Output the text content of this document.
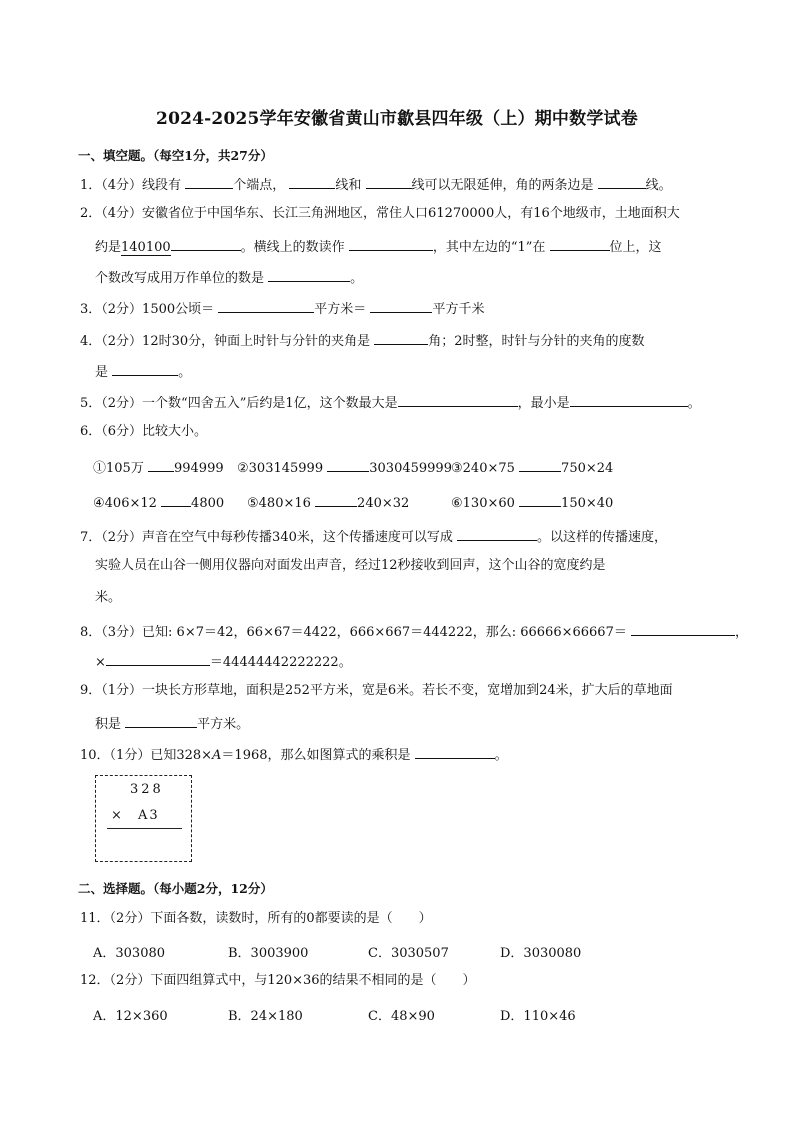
2024-2025学年安徽省黄山市歙县四年级（上）期中数学试卷
一、填空题。（每空1分，共27分）
1．（4分）线段有	个端点，	线和	线可以无限延伸，角的两条边是	线。
2．（4分）安徽省位于中国华东、长江三角洲地区，常住人口61270000人，有16个地级市，土地面积大
约是140100	。横线上的数读作	，其中左边的“1”在	位上，这
个数改写成用万作单位的数是	。
3．（2分）1500公顷＝	平方米＝	平方千米
4．（2分）12时30分，钟面上时针与分针的夹角是	角；2时整，时针与分针的夹角的度数
是	。
5．（2分）一个数“四舍五入”后约是1亿，这个数最大是	，最小是	。
6．（6分）比较大小。
①105万 994999 ②303145999	3030459999 ③240×75	750×24
④406×12	4800 ⑤480×16	240×32	⑥130×60	150×40
7．（2分）声音在空气中每秒传播340米，这个传播速度可以写成	。以这样的传播速度，
实验人员在山谷一侧用仪器向对面发出声音，经过12秒接收到回声，这个山谷的宽度约是
米。
8．（3分）已知: 6×7＝42，66×67＝4422，666×667＝444222，那么: 66666×66667＝	，
×	＝44444442222222。
9．（1分）一块长方形草地，面积是252平方米，宽是6米。若长不变，宽增加到24米，扩大后的草地面
积是	平方米。
10．（1分）已知328×A＝1968，那么如图算式的乘积是	。
328
× A3
二、选择题。（每小题2分，12分）
11．（2分）下面各数，读数时，所有的0都要读的是（　　）
A．303080	B．3003900	C．3030507	D．3030080
12．（2分）下面四组算式中，与120×36的结果不相同的是（　　）
A．12×360	B．24×180	C．48×90	D．110×46
